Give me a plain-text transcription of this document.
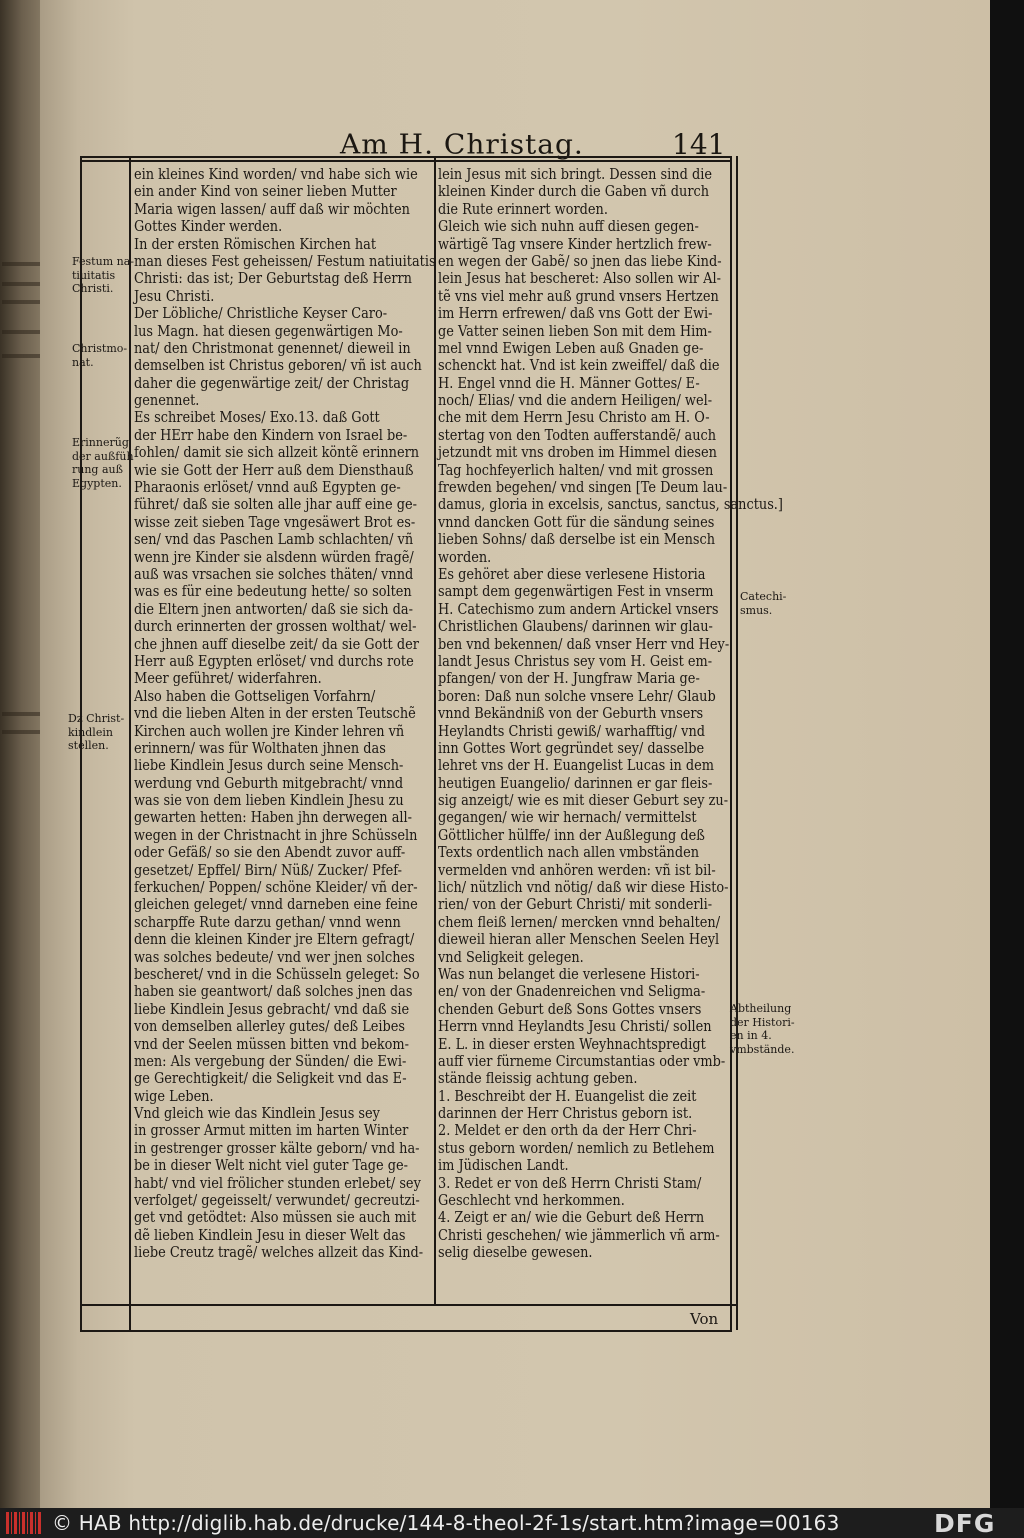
Am H. Christag.	141
ein kleines Kind worden/ vnd habe sich wie
ein ander Kind von seiner lieben Mutter
Maria wigen lassen/ auff daß wir möchten
Gottes Kinder werden.
In der ersten Römischen Kirchen hat
man dieses Fest geheissen/ Festum natiuitatis
Christi: das ist; Der Geburtstag deß Herrn
Jesu Christi.
Der Löbliche/ Christliche Keyser Caro-
lus Magn. hat diesen gegenwärtigen Mo-
nat/ den Christmonat genennet/ dieweil in
demselben ist Christus geboren/ vñ ist auch
daher die gegenwärtige zeit/ der Christag
genennet.
Es schreibet Moses/ Exo.13. daß Gott
der HErr habe den Kindern von Israel be-
fohlen/ damit sie sich allzeit köntẽ erinnern
wie sie Gott der Herr auß dem Diensthauß
Pharaonis erlöset/ vnnd auß Egypten ge-
führet/ daß sie solten alle jhar auff eine ge-
wisse zeit sieben Tage vngesäwert Brot es-
sen/ vnd das Paschen Lamb schlachten/ vñ
wenn jre Kinder sie alsdenn würden fragẽ/
auß was vrsachen sie solches thäten/ vnnd
was es für eine bedeutung hette/ so solten
die Eltern jnen antworten/ daß sie sich da-
durch erinnerten der grossen wolthat/ wel-
che jhnen auff dieselbe zeit/ da sie Gott der
Herr auß Egypten erlöset/ vnd durchs rote
Meer geführet/ widerfahren.
Also haben die Gottseligen Vorfahrn/
vnd die lieben Alten in der ersten Teutschẽ
Kirchen auch wollen jre Kinder lehren vñ
erinnern/ was für Wolthaten jhnen das
liebe Kindlein Jesus durch seine Mensch-
werdung vnd Geburth mitgebracht/ vnnd
was sie von dem lieben Kindlein Jhesu zu
gewarten hetten: Haben jhn derwegen all-
wegen in der Christnacht in jhre Schüsseln
oder Gefäß/ so sie den Abendt zuvor auff-
gesetzet/ Epffel/ Birn/ Nüß/ Zucker/ Pfef-
ferkuchen/ Poppen/ schöne Kleider/ vñ der-
gleichen geleget/ vnnd darneben eine feine
scharpffe Rute darzu gethan/ vnnd wenn
denn die kleinen Kinder jre Eltern gefragt/
was solches bedeute/ vnd wer jnen solches
bescheret/ vnd in die Schüsseln geleget: So
haben sie geantwort/ daß solches jnen das
liebe Kindlein Jesus gebracht/ vnd daß sie
von demselben allerley gutes/ deß Leibes
vnd der Seelen müssen bitten vnd bekom-
men: Als vergebung der Sünden/ die Ewi-
ge Gerechtigkeit/ die Seligkeit vnd das E-
wige Leben.
Vnd gleich wie das Kindlein Jesus sey
in grosser Armut mitten im harten Winter
in gestrenger grosser kälte geborn/ vnd ha-
be in dieser Welt nicht viel guter Tage ge-
habt/ vnd viel frölicher stunden erlebet/ sey
verfolget/ gegeisselt/ verwundet/ gecreutzi-
get vnd getödtet: Also müssen sie auch mit
dẽ lieben Kindlein Jesu in dieser Welt das
liebe Creutz tragẽ/ welches allzeit das Kind-
lein Jesus mit sich bringt. Dessen sind die
kleinen Kinder durch die Gaben vñ durch
die Rute erinnert worden.
Gleich wie sich nuhn auff diesen gegen-
wärtigẽ Tag vnsere Kinder hertzlich frew-
en wegen der Gabẽ/ so jnen das liebe Kind-
lein Jesus hat bescheret: Also sollen wir Al-
tẽ vns viel mehr auß grund vnsers Hertzen
im Herrn erfrewen/ daß vns Gott der Ewi-
ge Vatter seinen lieben Son mit dem Him-
mel vnnd Ewigen Leben auß Gnaden ge-
schenckt hat. Vnd ist kein zweiffel/ daß die
H. Engel vnnd die H. Männer Gottes/ E-
noch/ Elias/ vnd die andern Heiligen/ wel-
che mit dem Herrn Jesu Christo am H. O-
stertag von den Todten aufferstandẽ/ auch
jetzundt mit vns droben im Himmel diesen
Tag hochfeyerlich halten/ vnd mit grossen
frewden begehen/ vnd singen [Te Deum lau-
damus, gloria in excelsis, sanctus, sanctus, sanctus.]
vnnd dancken Gott für die sändung seines
lieben Sohns/ daß derselbe ist ein Mensch
worden.
Es gehöret aber diese verlesene Historia
sampt dem gegenwärtigen Fest in vnserm
H. Catechismo zum andern Artickel vnsers
Christlichen Glaubens/ darinnen wir glau-
ben vnd bekennen/ daß vnser Herr vnd Hey-
landt Jesus Christus sey vom H. Geist em-
pfangen/ von der H. Jungfraw Maria ge-
boren: Daß nun solche vnsere Lehr/ Glaub
vnnd Bekändniß von der Geburth vnsers
Heylandts Christi gewiß/ warhafftig/ vnd
inn Gottes Wort gegründet sey/ dasselbe
lehret vns der H. Euangelist Lucas in dem
heutigen Euangelio/ darinnen er gar fleis-
sig anzeigt/ wie es mit dieser Geburt sey zu-
gegangen/ wie wir hernach/ vermittelst
Göttlicher hülffe/ inn der Außlegung deß
Texts ordentlich nach allen vmbständen
vermelden vnd anhören werden: vñ ist bil-
lich/ nützlich vnd nötig/ daß wir diese Histo-
rien/ von der Geburt Christi/ mit sonderli-
chem fleiß lernen/ mercken vnnd behalten/
dieweil hieran aller Menschen Seelen Heyl
vnd Seligkeit gelegen.
Was nun belanget die verlesene Histori-
en/ von der Gnadenreichen vnd Seligma-
chenden Geburt deß Sons Gottes vnsers
Herrn vnnd Heylandts Jesu Christi/ sollen
E. L. in dieser ersten Weyhnachtspredigt
auff vier fürneme Circumstantias oder vmb-
stände fleissig achtung geben.
1. Beschreibt der H. Euangelist die zeit
darinnen der Herr Christus geborn ist.
2. Meldet er den orth da der Herr Chri-
stus geborn worden/ nemlich zu Betlehem
im Jüdischen Landt.
3. Redet er von deß Herrn Christi Stam/
Geschlecht vnd herkommen.
4. Zeigt er an/ wie die Geburt deß Herrn
Christi geschehen/ wie jämmerlich vñ arm-
selig dieselbe gewesen.
Festum na-
tiuitatis
Christi.
Christmo-
nat.
Erinnerũg
der außfüh
rung auß
Egypten.
Dz Christ-
kindlein
stellen.
Catechi-
smus.
Abtheilung
der Histori-
en in 4.
vmbstände.
Von
© HAB http://diglib.hab.de/drucke/144-8-theol-2f-1s/start.htm?image=00163	DFG
